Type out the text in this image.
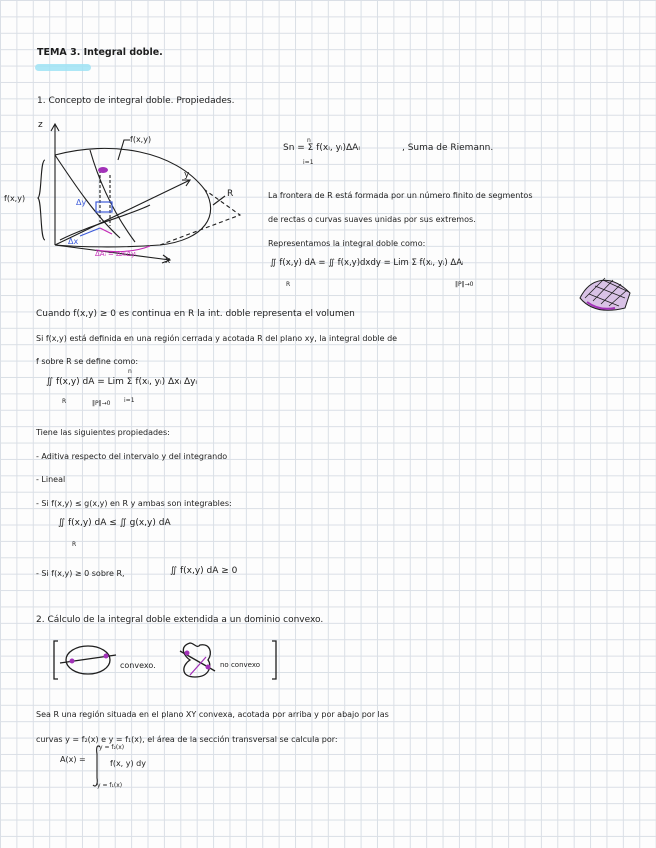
TEMA 3. Integral doble.
1. Concepto de integral doble. Propiedades.
z
y
x
f(x,y)
f(x,y)	R
Δy
Δx
ΔAᵢ = ΔxᵢΔyᵢ
n
i=1
Sn = Σ f(xᵢ, yᵢ)ΔAᵢ	, Suma de Riemann.
La frontera de R está formada por un número finito de segmentos
de rectas o curvas suaves unidas por sus extremos.
Representamos la integral doble como:
∬ f(x,y) dA = ∬ f(x,y)dxdy = Lim Σ f(xᵢ, yᵢ) ΔAᵢ
R	‖P‖→0
Cuando f(x,y) ≥ 0 es continua en R la int. doble representa el volumen
Si f(x,y) está definida en una región cerrada y acotada R del plano xy, la integral doble de
f sobre R se define como:
n
i=1
∬ f(x,y) dA = Lim Σ f(xᵢ, yᵢ) Δxᵢ Δyᵢ
R	‖P‖→0
Tiene las siguientes propiedades:
- Aditiva respecto del intervalo y del integrando
- Lineal
- Si f(x,y) ≤ g(x,y) en R y ambas son integrables:
∬ f(x,y) dA ≤ ∬ g(x,y) dA
R
- Si f(x,y) ≥ 0 sobre R,	∬ f(x,y) dA ≥ 0
2. Cálculo de la integral doble extendida a un dominio convexo.
convexo.	no convexo
Sea R una región situada en el plano XY convexa, acotada por arriba y por abajo por las
curvas y = f₂(x) e y = f₁(x), el área de la sección transversal se calcula por:
A(x) =
y = f₂(x)
f(x, y) dy
y = f₁(x)
